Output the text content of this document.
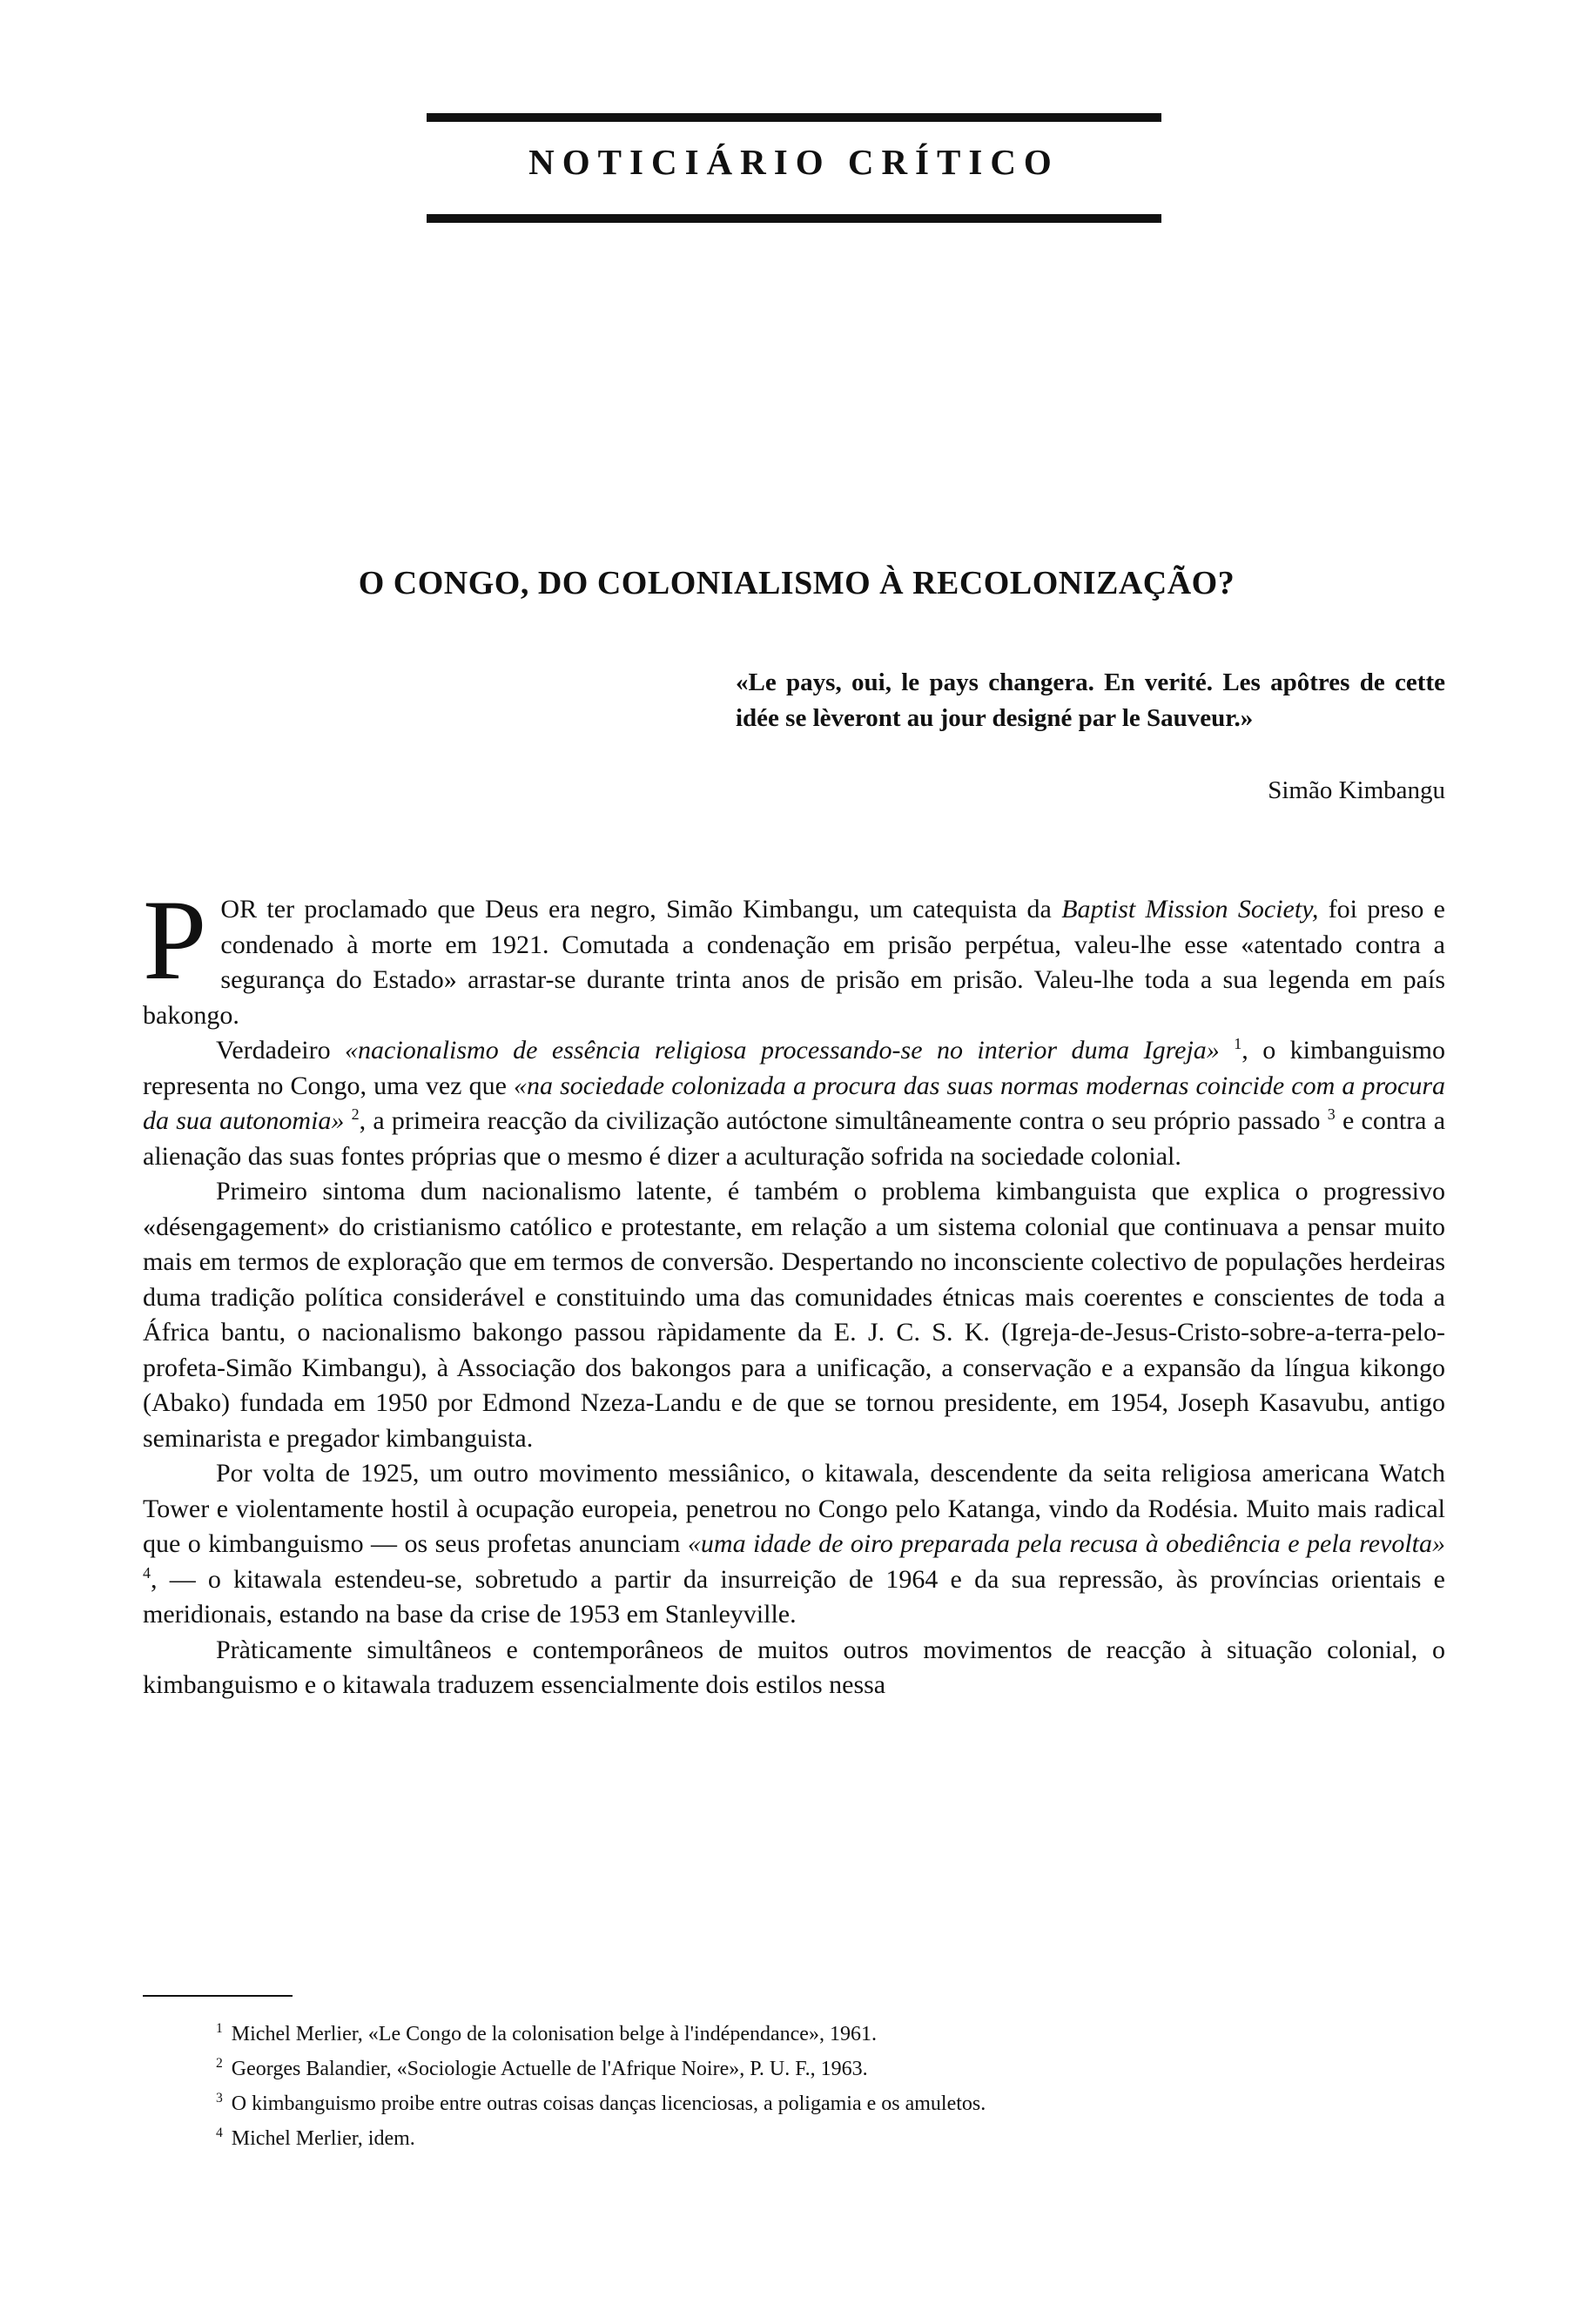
NOTICIÁRIO CRÍTICO
O CONGO, DO COLONIALISMO À RECOLONIZAÇÃO?
«Le pays, oui, le pays changera. En verité. Les apôtres de cette idée se lèveront au jour designé par le Sauveur.»
Simão Kimbangu

POR ter proclamado que Deus era negro, Simão Kimbangu, um catequista da Baptist Mission Society, foi preso e condenado à morte em 1921. Comutada a condenação em prisão perpétua, valeu-lhe esse «atentado contra a segurança do Estado» arrastar-se durante trinta anos de prisão em prisão. Valeu-lhe toda a sua legenda em país bakongo.

Verdadeiro «nacionalismo de essência religiosa processando-se no interior duma Igreja» $^1$, o kimbanguismo representa no Congo, uma vez que «na sociedade colonizada a procura das suas normas modernas coincide com a procura da sua autonomia» $^2$, a primeira reacção da civilização autóctone simultâneamente contra o seu próprio passado $^3$ e contra a alienação das suas fontes próprias que o mesmo é dizer a aculturação sofrida na sociedade colonial.

Primeiro sintoma dum nacionalismo latente, é também o problema kimbanguista que explica o progressivo «désengagement» do cristianismo católico e protestante, em relação a um sistema colonial que continuava a pensar muito mais em termos de exploração que em termos de conversão. Despertando no inconsciente colectivo de populações herdeiras duma tradição política considerável e constituindo uma das comunidades étnicas mais coerentes e conscientes de toda a África bantu, o nacionalismo bakongo passou ràpidamente da E. J. C. S. K. (Igreja-de-Jesus-Cristo-sobre-a-terra-pelo-profeta-Simão Kimbangu), à Associação dos bakongos para a unificação, a conservação e a expansão da língua kikongo (Abako) fundada em 1950 por Edmond Nzeza-Landu e de que se tornou presidente, em 1954, Joseph Kasavubu, antigo seminarista e pregador kimbanguista.

Por volta de 1925, um outro movimento messiânico, o kitawala, descendente da seita religiosa americana Watch Tower e violentamente hostil à ocupação europeia, penetrou no Congo pelo Katanga, vindo da Rodésia. Muito mais radical que o kimbanguismo — os seus profetas anunciam «uma idade de oiro preparada pela recusa à obediência e pela revolta» $^4$, — o kitawala estendeu-se, sobretudo a partir da insurreição de 1964 e da sua repressão, às províncias orientais e meridionais, estando na base da crise de 1953 em Stanleyville.

Pràticamente simultâneos e contemporâneos de muitos outros movimentos de reacção à situação colonial, o kimbanguismo e o kitawala traduzem essencialmente dois estilos nessa

$^1$ Michel Merlier, «Le Congo de la colonisation belge à l'indépendance», 1961.
$^2$ Georges Balandier, «Sociologie Actuelle de l'Afrique Noire», P. U. F., 1963.
$^3$ O kimbanguismo proibe entre outras coisas danças licenciosas, a poligamia e os amuletos.
$^4$ Michel Merlier, idem.
